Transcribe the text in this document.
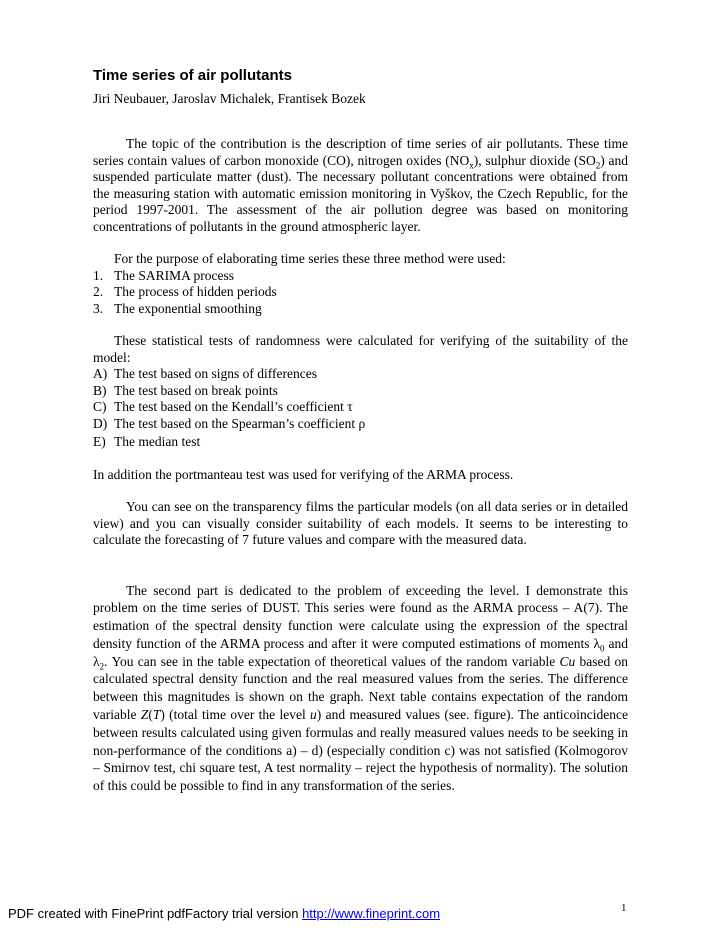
Time series of air pollutants

Jiri Neubauer, Jaroslav Michalek, Frantisek Bozek

The topic of the contribution is the description of time series of air pollutants. These time series contain values of carbon monoxide (CO), nitrogen oxides $(NO_x)$, sulphur dioxide $(SO_2)$ and suspended particulate matter (dust). The necessary pollutant concentrations were obtained from the measuring station with automatic emission monitoring in Vyškov, the Czech Republic, for the period 1997-2001. The assessment of the air pollution degree was based on monitoring concentrations of pollutants in the ground atmospheric layer.

For the purpose of elaborating time series these three method were used:

1. The SARIMA process
2. The process of hidden periods
3. The exponential smoothing

These statistical tests of randomness were calculated for verifying of the suitability of the model:

A) The test based on signs of differences
B) The test based on break points
C) The test based on the Kendall’s coefficient τ
D) The test based on the Spearman’s coefficient ρ
E) The median test

In addition the portmanteau test was used for verifying of the ARMA process.

You can see on the transparency films the particular models (on all data series or in detailed view) and you can visually consider suitability of each models. It seems to be interesting to calculate the forecasting of 7 future values and compare with the measured data.

The second part is dedicated to the problem of exceeding the level. I demonstrate this problem on the time series of DUST. This series were found as the ARMA process – A(7). The estimation of the spectral density function were calculate using the expression of the spectral density function of the ARMA process and after it were computed estimations of moments $\lambda_0$ and $\lambda_2$. You can see in the table expectation of theoretical values of the random variable Cu based on calculated spectral density function and the real measured values from the series. The difference between this magnitudes is shown on the graph. Next table contains expectation of the random variable Z(T) (total time over the level u) and measured values (see. figure). The anticoincidence between results calculated using given formulas and really measured values needs to be seeking in non-performance of the conditions a) – d) (especially condition c) was not satisfied (Kolmogorov – Smirnov test, chi square test, A test normality – reject the hypothesis of normality). The solution of this could be possible to find in any transformation of the series.

1
PDF created with FinePrint pdfFactory trial version http://www.fineprint.com
